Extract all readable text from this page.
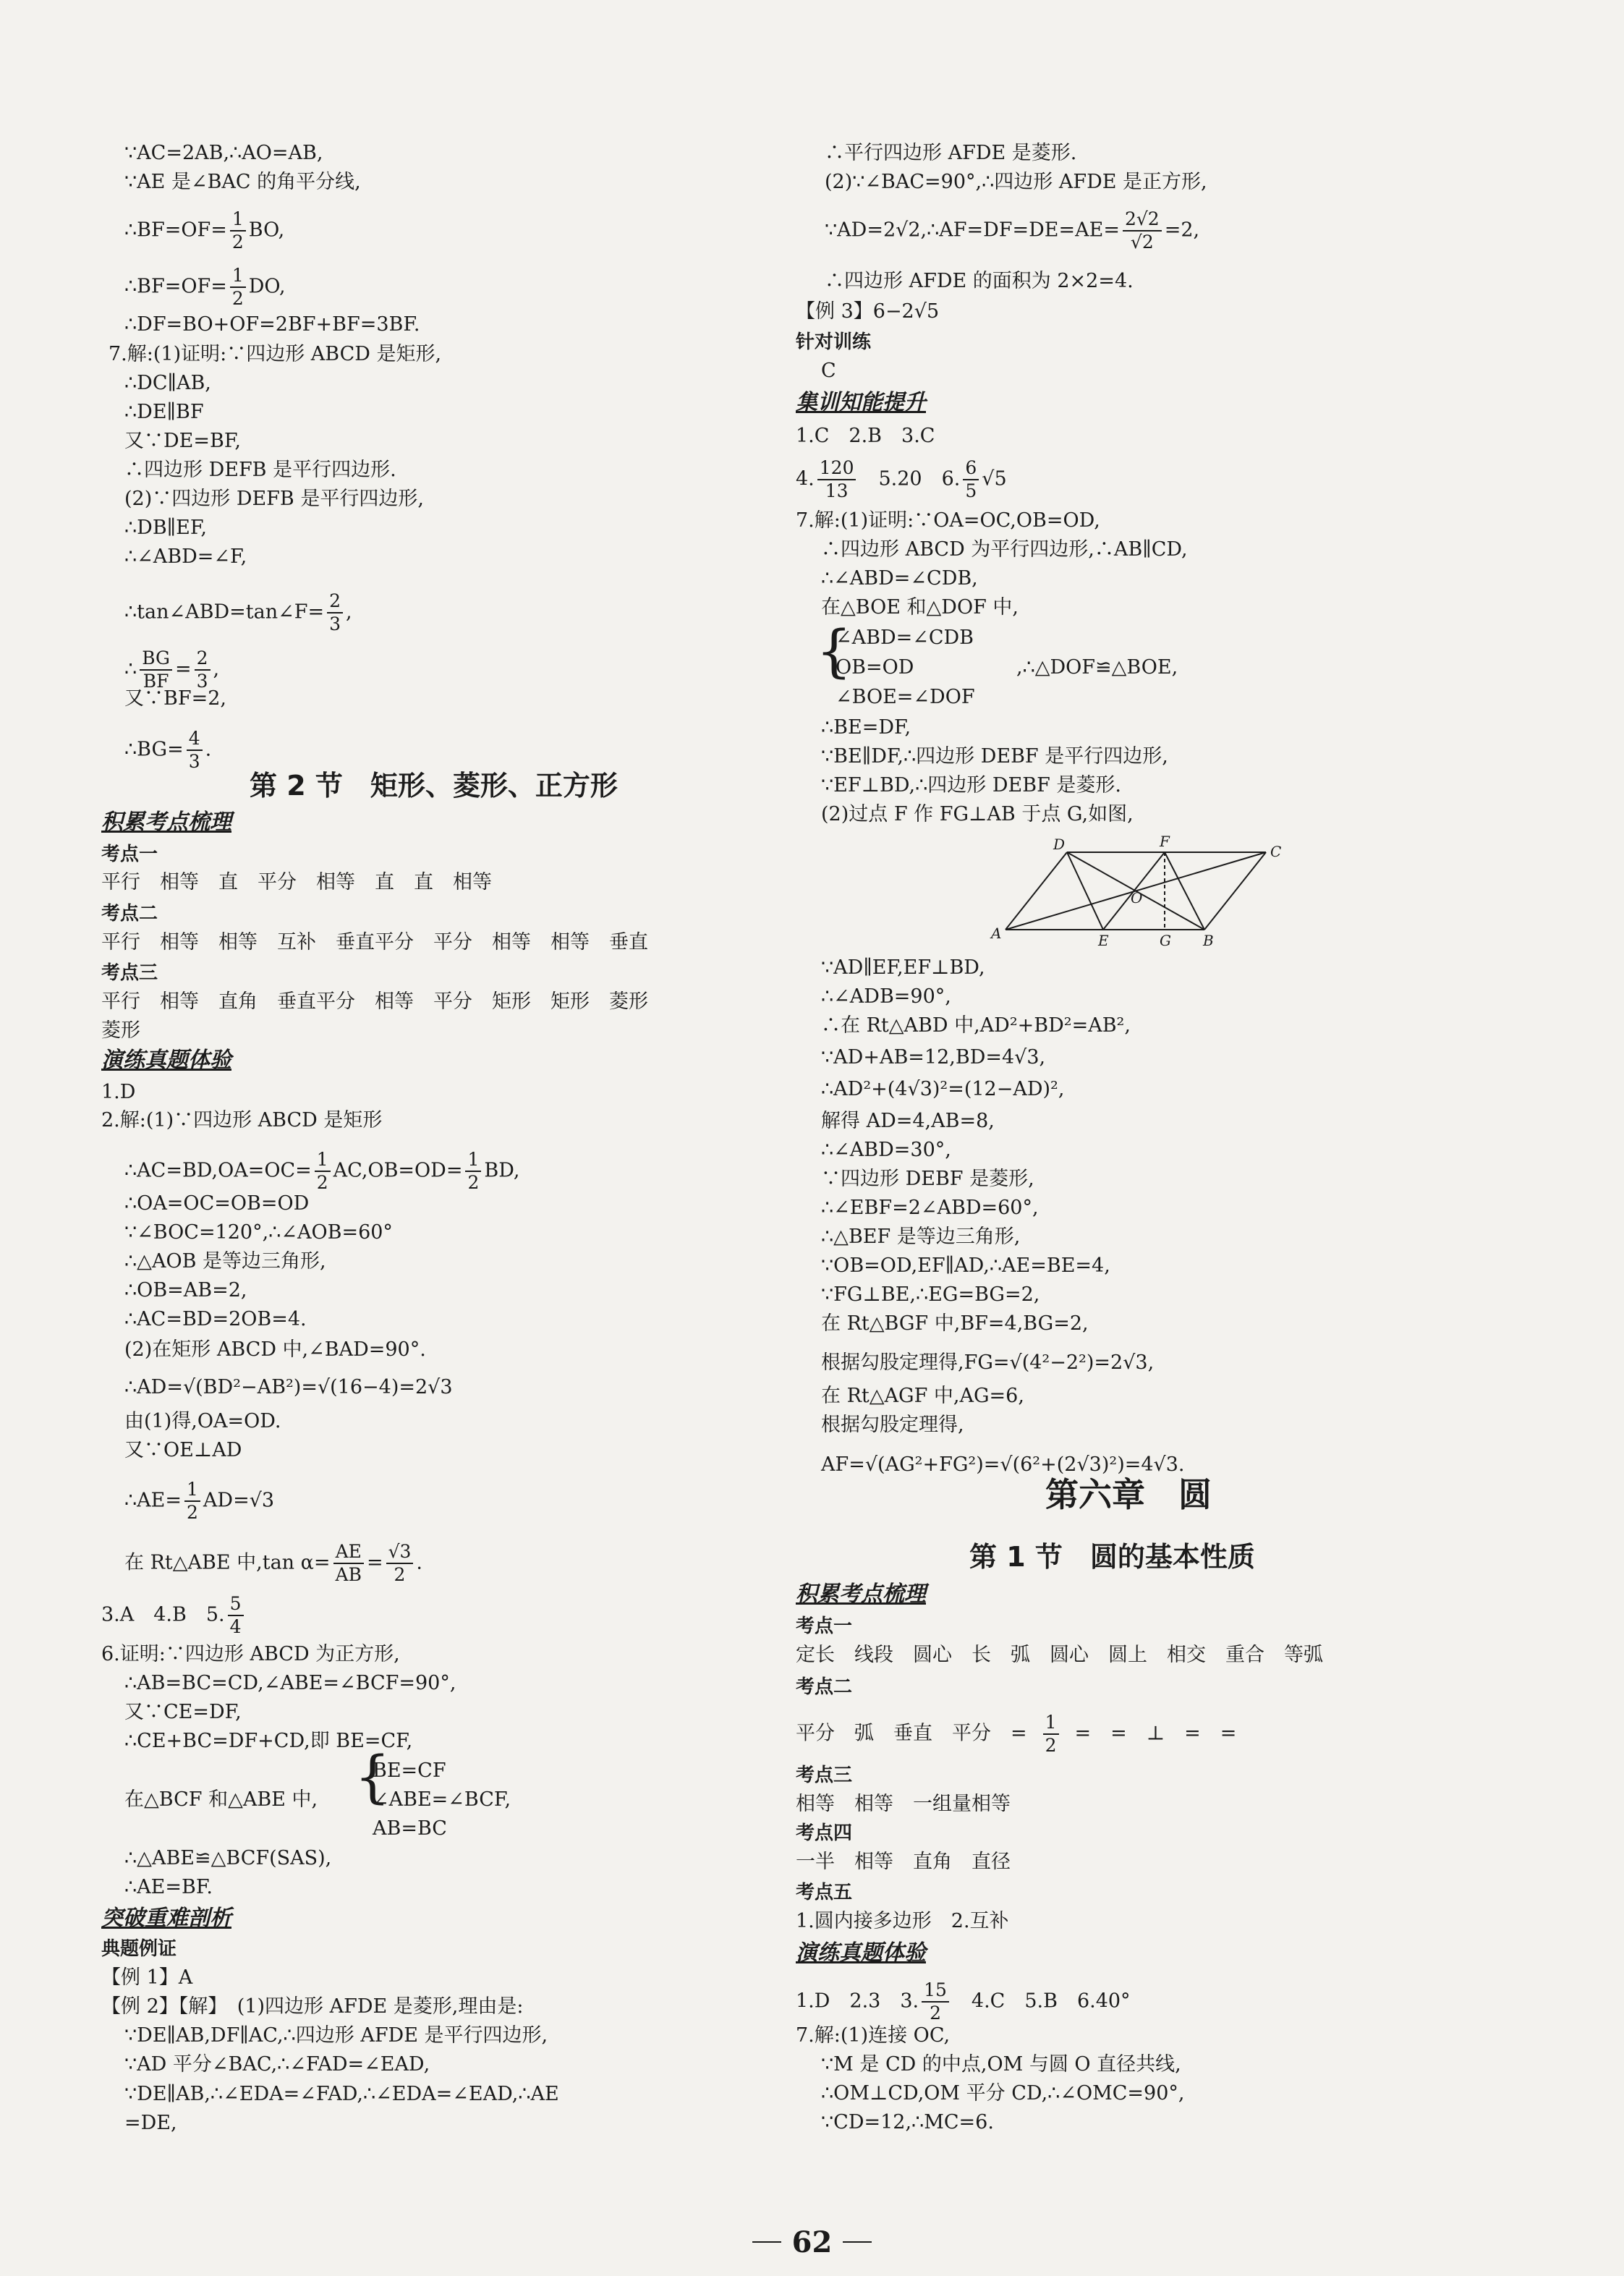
∵AC=2AB,∴AO=AB,
∵AE 是∠BAC 的角平分线,
∴BF=OF= $\frac{1}{2}$ BO,
∴BF=OF= $\frac{1}{2}$ DO,
∴DF=BO+OF=2BF+BF=3BF.
7.解:(1)证明:∵四边形 ABCD 是矩形,
∴DC∥AB,
∴DE∥BF
又∵DE=BF,
∴四边形 DEFB 是平行四边形.
(2)∵四边形 DEFB 是平行四边形,
∴DB∥EF,
∴∠ABD=∠F,
∴tan∠ABD=tan∠F= $\frac{2}{3}$ ,
∴ $\frac{BG}{BF} = \frac{2}{3}$ ,
又∵BF=2,
∴BG= $\frac{4}{3}$ .
第 2 节　矩形、菱形、正方形
积累考点梳理
考点一
平行　相等　直　平分　相等　直　直　相等
考点二
平行　相等　相等　互补　垂直平分　平分　相等　相等　垂直
考点三
平行　相等　直角　垂直平分　相等　平分　矩形　矩形　菱形
菱形
演练真题体验
1.D
2.解:(1)∵四边形 ABCD 是矩形
∴AC=BD,OA=OC= $\frac{1}{2} AC,OB=OD= \frac{1}{2}$ BD,
∴OA=OC=OB=OD
∵∠BOC=120°,∴∠AOB=60°
∴△AOB 是等边三角形,
∴OB=AB=2,
∴AC=BD=2OB=4.
(2)在矩形 ABCD 中,∠BAD=90°.
∴AD=√(BD²−AB²)=√(16−4)=2√3
由(1)得,OA=OD.
又∵OE⊥AD
∴AE= $\frac{1}{2} AD=√3$
在 Rt△ABE 中,tan $\alpha= \frac{AE}{AB} = \frac{√3}{2}$ .
3.A　4.B　5. $\frac{5}{4}$
6.证明:∵四边形 ABCD 为正方形,
∴AB=BC=CD,∠ABE=∠BCF=90°,
又∵CE=DF,
∴CE+BC=DF+CD,即 BE=CF,
在△BCF 和△ABE 中, {
BE=CF
∠ABE=∠BCF,
AB=BC
∴△ABE≌△BCF(SAS),
∴AE=BF.
突破重难剖析
典题例证
【例 1】A
【例 2】【解】　(1)四边形 AFDE 是菱形,理由是:
∵DE∥AB,DF∥AC,∴四边形 AFDE 是平行四边形,
∵AD 平分∠BAC,∴∠FAD=∠EAD,
∵DE∥AB,∴∠EDA=∠FAD,∴∠EDA=∠EAD,∴AE
=DE,
∴平行四边形 AFDE 是菱形.
(2)∵∠BAC=90°,∴四边形 AFDE 是正方形,
∵AD=2√2,∴AF=DF=DE=AE= $\frac{2√2}{√2} =2$,
∴四边形 AFDE 的面积为 2×2=4.
【例 3】6−2√5
针对训练
C
集训知能提升
1.C　2.B　3.C
4. $\frac{120}{13}$ 　5.20　6. $\frac{6}{5} √5$
7.解:(1)证明:∵OA=OC,OB=OD,
∴四边形 ABCD 为平行四边形,∴AB∥CD,
∴∠ABD=∠CDB,
在△BOE 和△DOF 中,
{
∠ABD=∠CDB
OB=OD
∠BOE=∠DOF
,∴△DOF≌△BOE,
∴BE=DF,
∵BE∥DF,∴四边形 DEBF 是平行四边形,
∵EF⊥BD,∴四边形 DEBF 是菱形.
(2)过点 F 作 FG⊥AB 于点 G,如图,
D	F
C
O
A	E	G B
∵AD∥EF,EF⊥BD,
∴∠ADB=90°,
∴在 Rt△ABD 中,AD²+BD²=AB²,
∵AD+AB=12,BD=4√3,
∴AD²+(4√3)²=(12−AD)²,
解得 AD=4,AB=8,
∴∠ABD=30°,
∵四边形 DEBF 是菱形,
∴∠EBF=2∠ABD=60°,
∴△BEF 是等边三角形,
∵OB=OD,EF∥AD,∴AE=BE=4,
∵FG⊥BE,∴EG=BG=2,
在 Rt△BGF 中,BF=4,BG=2,
根据勾股定理得,FG=√(4²−2²)=2√3,
在 Rt△AGF 中,AG=6,
根据勾股定理得,
AF=√(AG²+FG²)=√(6²+(2√3)²)=4√3.
第六章　圆
第 1 节　圆的基本性质
积累考点梳理
考点一
定长　线段　圆心　长　弧　圆心　圆上　相交　重合　等弧
考点二
平分　弧　垂直　平分　= $\frac{1}{2}$ =　=　⊥　=　=
考点三
相等　相等　一组量相等
考点四
一半　相等　直角　直径
考点五
1.圆内接多边形　2.互补
演练真题体验
1.D　2.3　3. $\frac{15}{2}$ 　4.C　5.B　6.40°
7.解:(1)连接 OC,
∵M 是 CD 的中点,OM 与圆 O 直径共线,
∴OM⊥CD,OM 平分 CD,∴∠OMC=90°,
∵CD=12,∴MC=6.
62
